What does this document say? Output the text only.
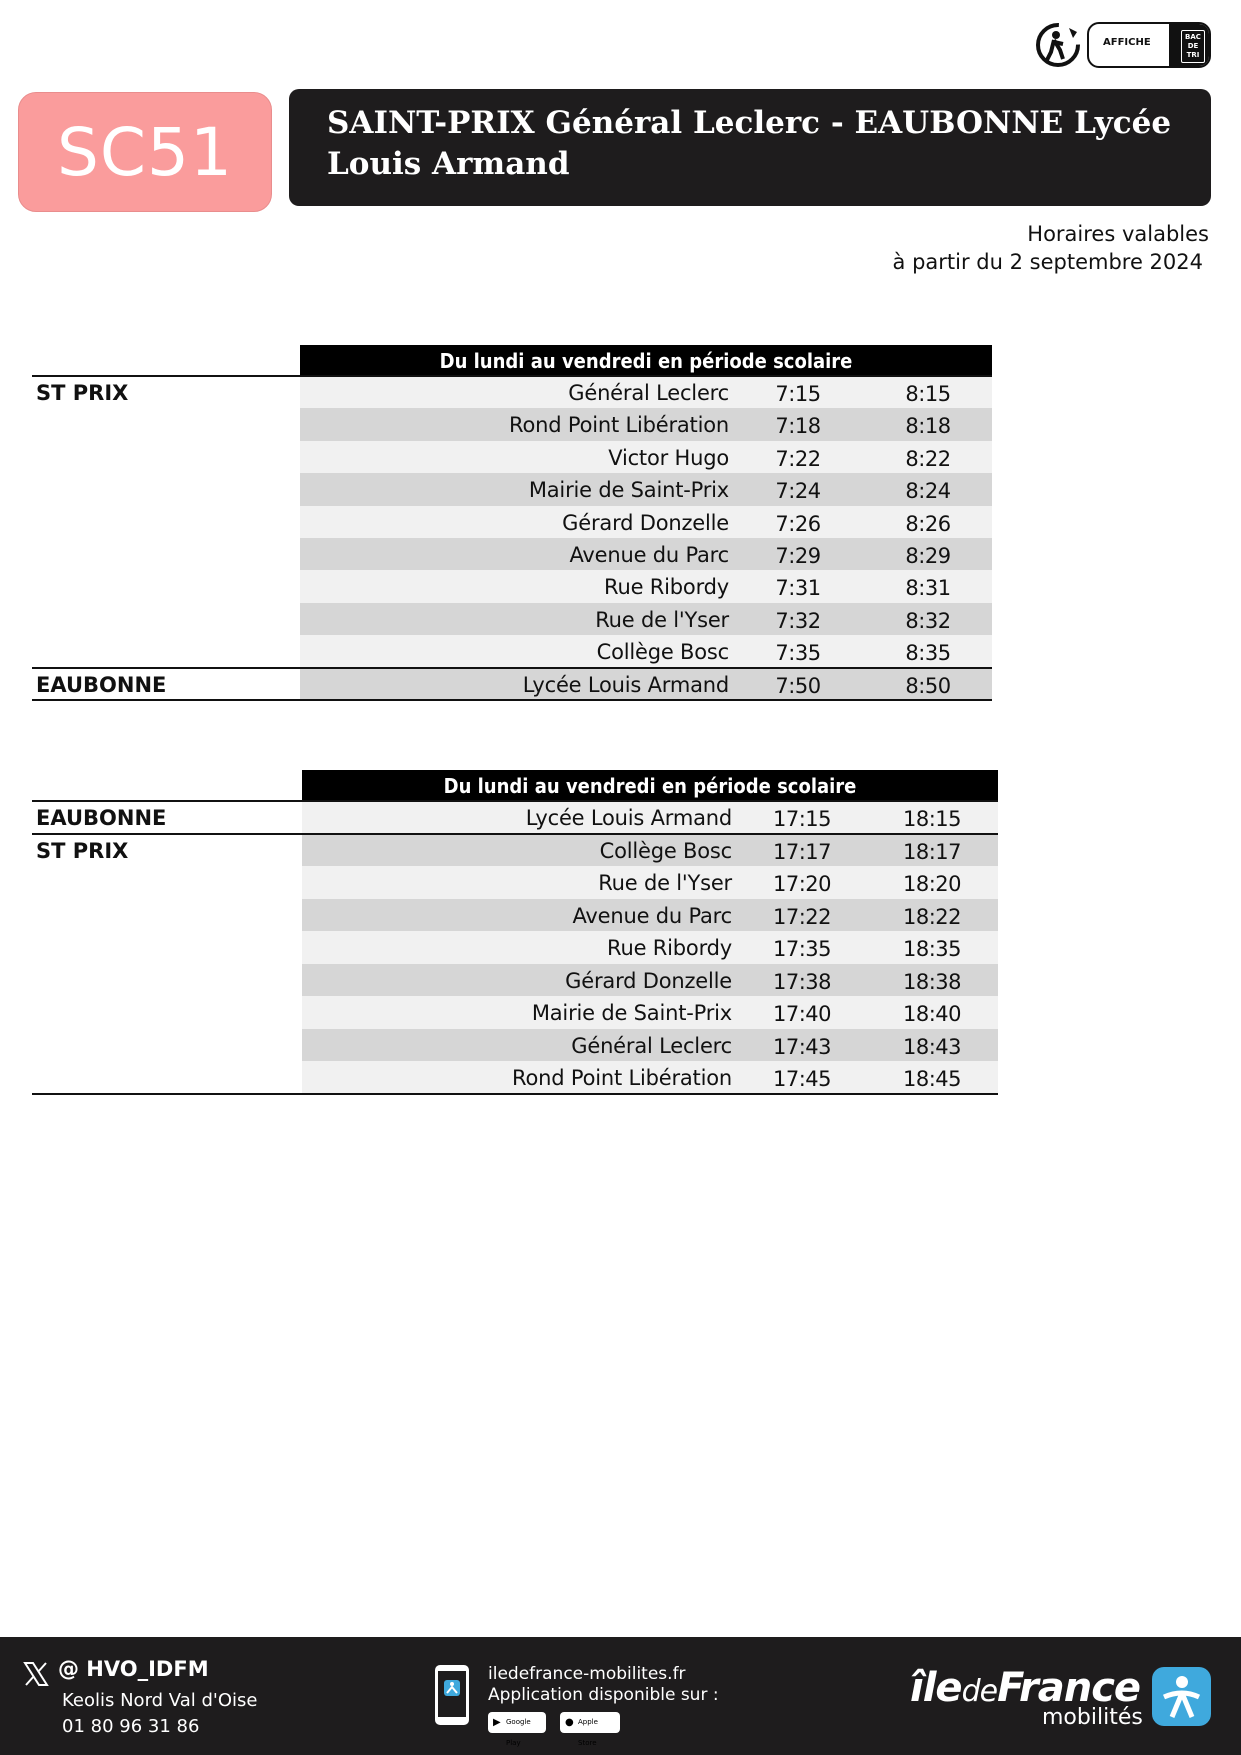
AFFICHE	BAC
DE
TRI
SC51	SAINT-PRIX Général Leclerc - EAUBONNE Lycée Louis Armand
Horaires valables
à partir du 2 septembre 2024
Du lundi au vendredi en période scolaire
ST PRIX	Général Leclerc	7:15	8:15
Rond Point Libération	7:18	8:18
Victor Hugo	7:22	8:22
Mairie de Saint-Prix	7:24	8:24
Gérard Donzelle	7:26	8:26
Avenue du Parc	7:29	8:29
Rue Ribordy	7:31	8:31
Rue de l'Yser	7:32	8:32
Collège Bosc	7:35	8:35
EAUBONNE	Lycée Louis Armand	7:50	8:50
Du lundi au vendredi en période scolaire
EAUBONNE	Lycée Louis Armand	17:15	18:15
ST PRIX	Collège Bosc	17:17	18:17
Rue de l'Yser	17:20	18:20
Avenue du Parc	17:22	18:22
Rue Ribordy	17:35	18:35
Gérard Donzelle	17:38	18:38
Mairie de Saint-Prix	17:40	18:40
Général Leclerc	17:43	18:43
Rond Point Libération	17:45	18:45
@ HVO_IDFM
Keolis Nord Val d'Oise
01 80 96 31 86
iledefrance-mobilites.fr
Application disponible sur :
▶ Google Play
● Apple Store
îledeFrance
mobilités
